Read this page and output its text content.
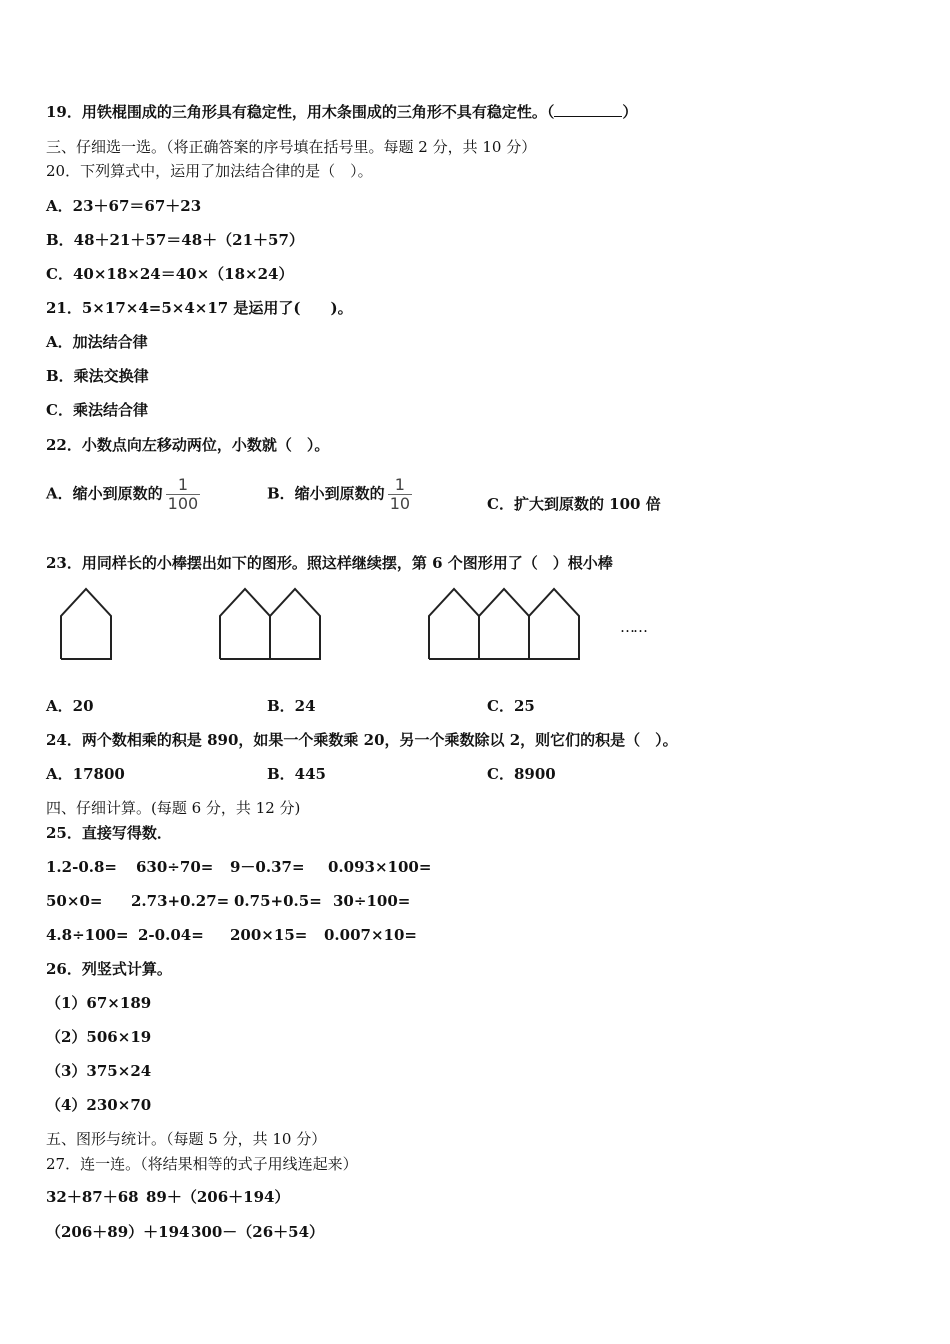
19．用铁棍围成的三角形具有稳定性，用木条围成的三角形不具有稳定性。（	）
三、仔细选一选。（将正确答案的序号填在括号里。每题 2 分，共 10 分）
20．下列算式中，运用了加法结合律的是（　）。
A．23＋67＝67＋23
B．48＋21＋57＝48＋（21＋57）
C．40×18×24＝40×（18×24）
21．5×17×4=5×4×17 是运用了(　　)。
A．加法结合律
B．乘法交换律
C．乘法结合律
22．小数点向左移动两位，小数就（　）。
A．缩小到原数的 $\frac{1}{100}$	B．缩小到原数的 $\frac{1}{10}$	C．扩大到原数的 100 倍
23．用同样长的小棒摆出如下的图形。照这样继续摆，第 6 个图形用了（　）根小棒
……
A．20	B．24	C．25
24．两个数相乘的积是 890，如果一个乘数乘 20，另一个乘数除以 2，则它们的积是（　）。
A．17800	B．445	C．8900
四、仔细计算。(每题 6 分，共 12 分)
25．直接写得数．
1.2-0.8= 630÷70= 9－0.37= 0.093×100=
50×0= 2.73+0.27= 0.75+0.5= 30÷100=
4.8÷100= 2-0.04= 200×15= 0.007×10=
26．列竖式计算。
（1）67×189
（2）506×19
（3）375×24
（4）230×70
五、图形与统计。（每题 5 分，共 10 分）
27．连一连。（将结果相等的式子用线连起来）
32＋87＋68 89＋（206＋194）
（206＋89）＋194 300－（26＋54）
